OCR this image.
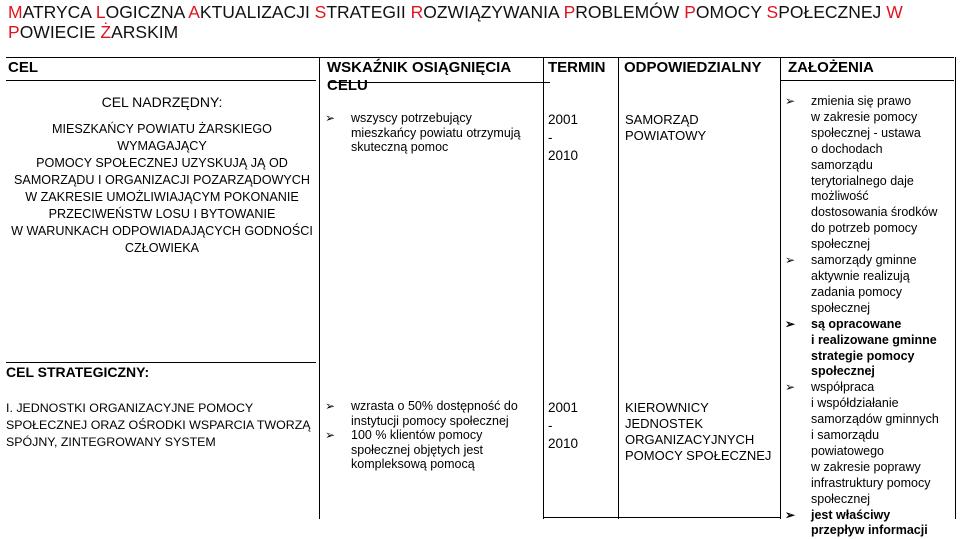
MATRYCA LOGICZNA AKTUALIZACJI STRATEGII ROZWIĄZYWANIA PROBLEMÓW POMOCY SPOŁECZNEJ W POWIECIE ŻARSKIM
CEL	WSKAŹNIK OSIĄGNIĘCIA
CELU
TERMIN ODPOWIEDZIALNY ZAŁOŻENIA
CEL NADRZĘDNY:
MIESZKAŃCY POWIATU ŻARSKIEGO WYMAGAJĄCY
POMOCY SPOŁECZNEJ UZYSKUJĄ JĄ OD
SAMORZĄDU I ORGANIZACJI POZARZĄDOWYCH
W ZAKRESIE UMOŻLIWIAJĄCYM POKONANIE
PRZECIWEŃSTW LOSU I BYTOWANIE
W WARUNKACH ODPOWIADAJĄCYCH GODNOŚCI
CZŁOWIEKA
CEL STRATEGICZNY:
I. JEDNOSTKI ORGANIZACYJNE POMOCY
SPOŁECZNEJ ORAZ OŚRODKI WSPARCIA TWORZĄ
SPÓJNY, ZINTEGROWANY SYSTEM
➢ wszyscy potrzebujący
mieszkańcy powiatu otrzymują
skuteczną pomoc
➢ wzrasta o 50% dostępność do
instytucji pomocy społecznej
➢ 100 % klientów pomocy
społecznej objętych jest
kompleksową pomocą
2001
-
2010
2001
-
2010
SAMORZĄD
POWIATOWY
KIEROWNICY
JEDNOSTEK
ORGANIZACYJNYCH
POMOCY SPOŁECZNEJ
➢ zmienia się prawo
w zakresie pomocy
społecznej - ustawa
o dochodach
samorządu
terytorialnego daje
możliwość
dostosowania środków
do potrzeb pomocy
społecznej
➢ samorządy gminne
aktywnie realizują
zadania pomocy
społecznej
➢ są opracowane
i realizowane gminne
strategie pomocy
społecznej
➢ współpraca
i współdziałanie
samorządów gminnych
i samorządu
powiatowego
w zakresie poprawy
infrastruktury pomocy
społecznej
➢ jest właściwy
przepływ informacji
